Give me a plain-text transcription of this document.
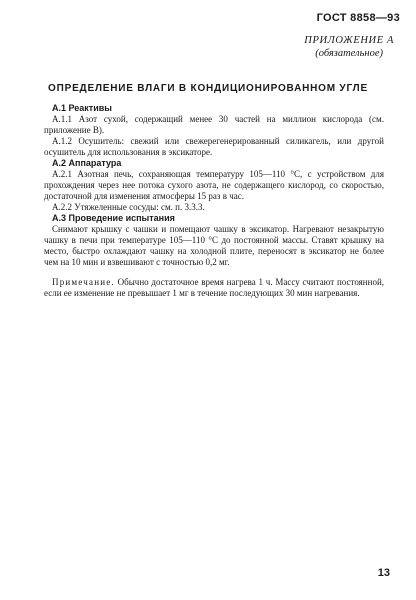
ГОСТ 8858—93
ПРИЛОЖЕНИЕ А
(обязательное)
ОПРЕДЕЛЕНИЕ ВЛАГИ В КОНДИЦИОНИРОВАННОМ УГЛЕ
А.1 Реактивы

А.1.1 Азот сухой, содержащий менее 30 частей на миллион кислорода (см. приложение В).

А.1.2 Осушитель: свежий или свежерегенерированный силикагель, или другой осушитель для использования в эксикаторе.

А.2 Аппаратура

А.2.1 Азотная печь, сохраняющая температуру 105—110 °С, с устройством для прохождения через нее потока сухого азота, не содержащего кислород, со скоростью, достаточной для изменения атмосферы 15 раз в час.

А.2.2 Утяжеленные сосуды: см. п. 3.3.3.

А.3 Проведение испытания

Снимают крышку с чашки и помещают чашку в эксикатор. Нагревают незакрытую чашку в печи при температуре 105—110 °С до постоянной массы. Ставят крышку на место, быстро охлаждают чашку на холодной плите, переносят в эксикатор не более чем на 10 мин и взвешивают с точностью 0,2 мг.

Примечание. Обычно достаточное время нагрева 1 ч. Массу считают постоянной, если ее изменение не превышает 1 мг в течение последующих 30 мин нагревания.

13
